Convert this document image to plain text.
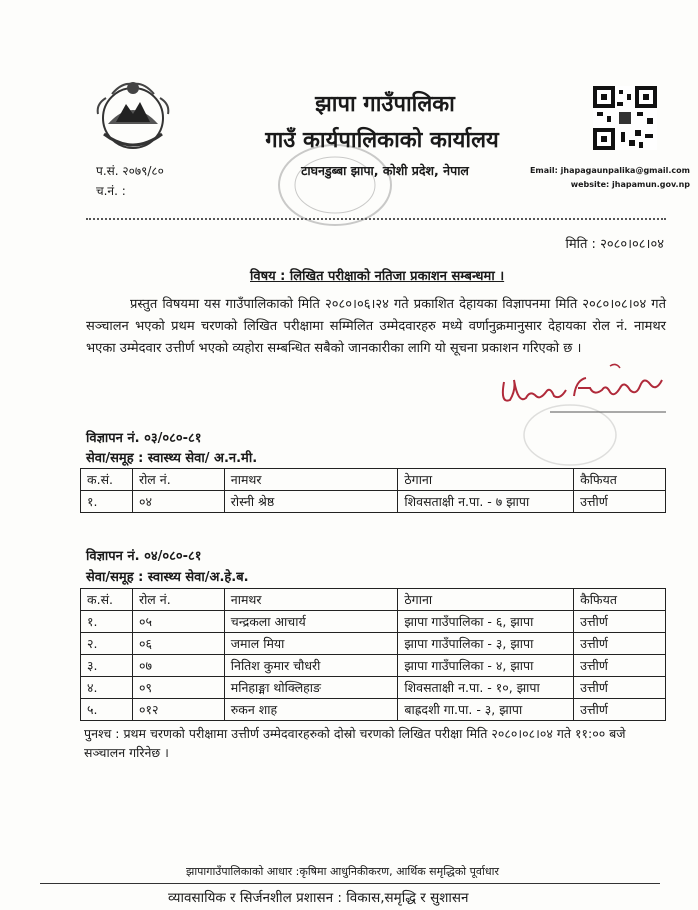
झापा गाउँपालिका
गाउँ कार्यपालिकाको कार्यालय
टाघनडुब्बा झापा, कोशी प्रदेश, नेपाल
प.सं. २०७९/८०
च.नं. :
Email: jhapagaunpalika@gmail.com
website: jhapamun.gov.np
मिति : २०८०।०८।०४
विषय : लिखित परीक्षाको नतिजा प्रकाशन सम्बन्धमा ।
प्रस्तुत विषयमा यस गाउँपालिकाको मिति २०८०।०६।२४ गते प्रकाशित देहायका विज्ञापनमा मिति २०८०।०८।०४ गते सञ्चालन भएको प्रथम चरणको लिखित परीक्षामा सम्मिलित उम्मेदवारहरु मध्ये वर्णानुक्रमानुसार देहायका रोल नं. नामथर भएका उम्मेदवार उत्तीर्ण भएको व्यहोरा सम्बन्धित सबैको जानकारीका लागि यो सूचना प्रकाशन गरिएको छ ।
विज्ञापन नं. ०३/०८०-८१
सेवा/समूह : स्वास्थ्य सेवा/ अ.न.मी.
क.सं.	रोल नं.	नामथर	ठेगाना	कैफियत
१.	०४	रोस्नी श्रेष्ठ	शिवसताक्षी न.पा. - ७ झापा	उत्तीर्ण
विज्ञापन नं. ०४/०८०-८१
सेवा/समूह : स्वास्थ्य सेवा/अ.हे.ब.
क.सं.	रोल नं.	नामथर	ठेगाना	कैफियत
१.	०५	चन्द्रकला आचार्य	झापा गाउँपालिका - ६, झापा	उत्तीर्ण
२.	०६	जमाल मिया	झापा गाउँपालिका - ३, झापा	उत्तीर्ण
३.	०७	नितिश कुमार चौधरी	झापा गाउँपालिका - ४, झापा	उत्तीर्ण
४.	०९	मनिहाङ्मा थोक्लिहाङ	शिवसताक्षी न.पा. - १०, झापा	उत्तीर्ण
५.	०१२	रुकन शाह	बाह्रदशी गा.पा. - ३, झापा	उत्तीर्ण
पुनश्च : प्रथम चरणको परीक्षामा उत्तीर्ण उम्मेदवारहरुको दोस्रो चरणको लिखित परीक्षा मिति २०८०।०८।०४ गते ११:०० बजे सञ्चालन गरिनेछ ।
झापागाउँपालिकाको आधार :कृषिमा आधुनिकीकरण, आर्थिक समृद्धिको पूर्वाधार
व्यावसायिक र सिर्जनशील प्रशासन : विकास,समृद्धि र सुशासन
